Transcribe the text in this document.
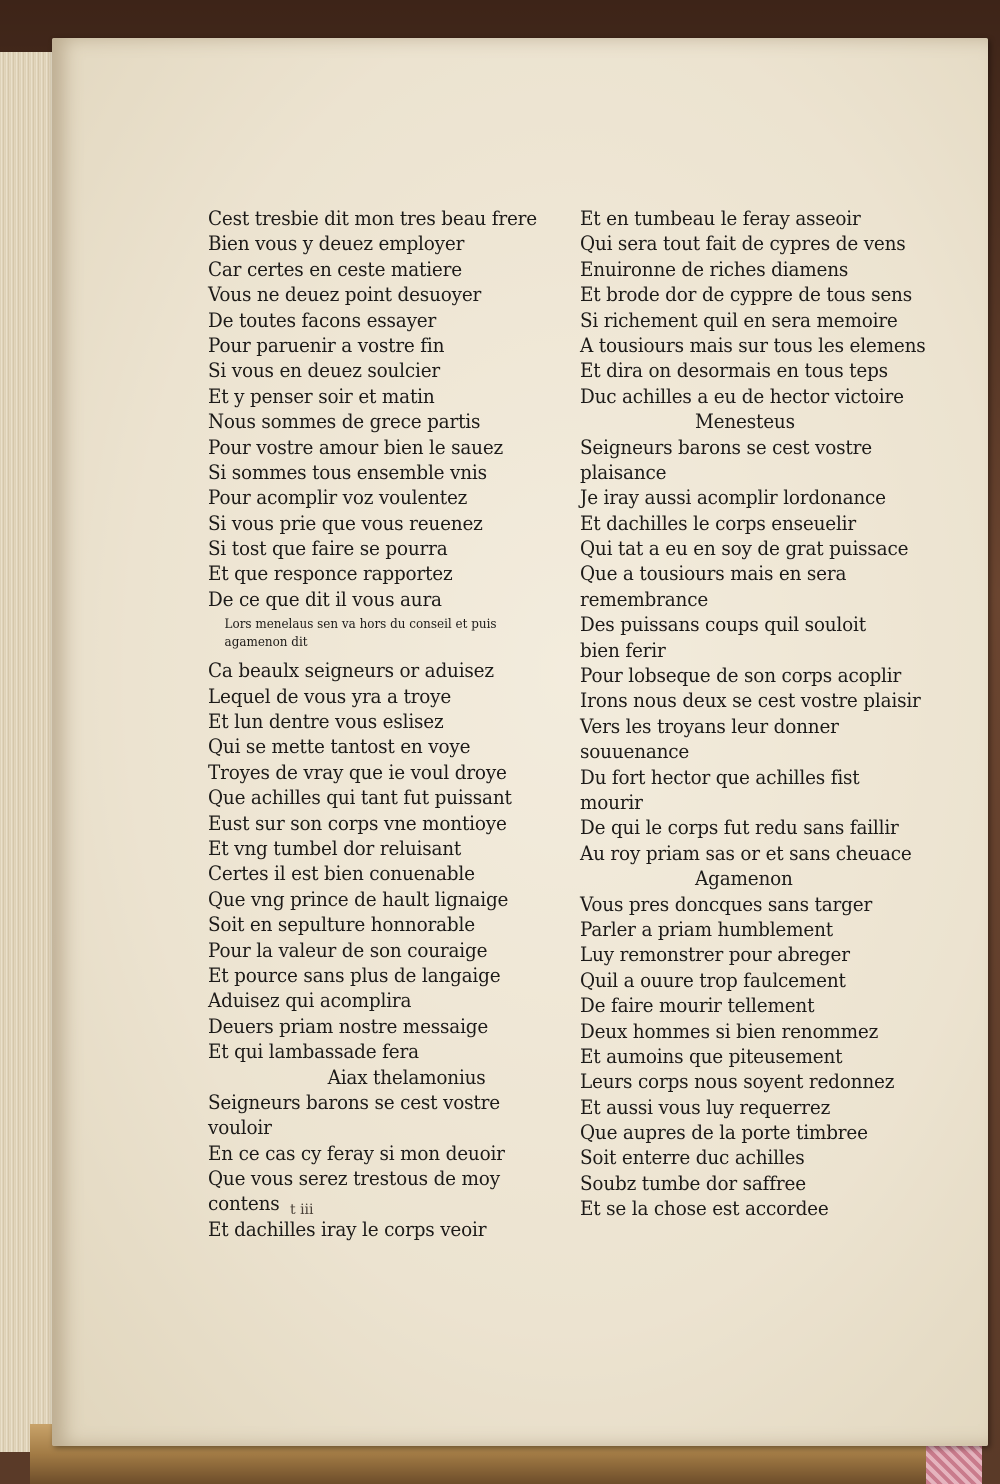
Cest tresbie dit mon tres beau frere
Bien vous y deuez employer
Car certes en ceste matiere
Vous ne deuez point desuoyer
De toutes facons essayer
Pour paruenir a vostre fin
Si vous en deuez soulcier
Et y penser soir et matin
Nous sommes de grece partis
Pour vostre amour bien le sauez
Si sommes tous ensemble vnis
Pour acomplir voz voulentez
Si vous prie que vous reuenez
Si tost que faire se pourra
Et que responce rapportez
De ce que dit il vous aura
Lors menelaus sen va hors du conseil et puis
agamenon dit
Ca beaulx seigneurs or aduisez
Lequel de vous yra a troye
Et lun dentre vous eslisez
Qui se mette tantost en voye
Troyes de vray que ie voul droye
Que achilles qui tant fut puissant
Eust sur son corps vne montioye
Et vng tumbel dor reluisant
Certes il est bien conuenable
Que vng prince de hault lignaige
Soit en sepulture honnorable
Pour la valeur de son couraige
Et pource sans plus de langaige
Aduisez qui acomplira
Deuers priam nostre messaige
Et qui lambassade fera
Aiax thelamonius
Seigneurs barons se cest vostre
vouloir
En ce cas cy feray si mon deuoir
Que vous serez trestous de moy
contens
Et dachilles iray le corps veoir
Et en tumbeau le feray asseoir
Qui sera tout fait de cypres de vens
Enuironne de riches diamens
Et brode dor de cyppre de tous sens
Si richement quil en sera memoire
A tousiours mais sur tous les elemens
Et dira on desormais en tous teps
Duc achilles a eu de hector victoire
Menesteus
Seigneurs barons se cest vostre
plaisance
Je iray aussi acomplir lordonance
Et dachilles le corps enseuelir
Qui tat a eu en soy de grat puissace
Que a tousiours mais en sera
remembrance
Des puissans coups quil souloit
bien ferir
Pour lobseque de son corps acoplir
Irons nous deux se cest vostre plaisir
Vers les troyans leur donner
souuenance
Du fort hector que achilles fist
mourir
De qui le corps fut redu sans faillir
Au roy priam sas or et sans cheuace
Agamenon
Vous pres doncques sans targer
Parler a priam humblement
Luy remonstrer pour abreger
Quil a ouure trop faulcement
De faire mourir tellement
Deux hommes si bien renommez
Et aumoins que piteusement
Leurs corps nous soyent redonnez
Et aussi vous luy requerrez
Que aupres de la porte timbree
Soit enterre duc achilles
Soubz tumbe dor saffree
Et se la chose est accordee
t iii
